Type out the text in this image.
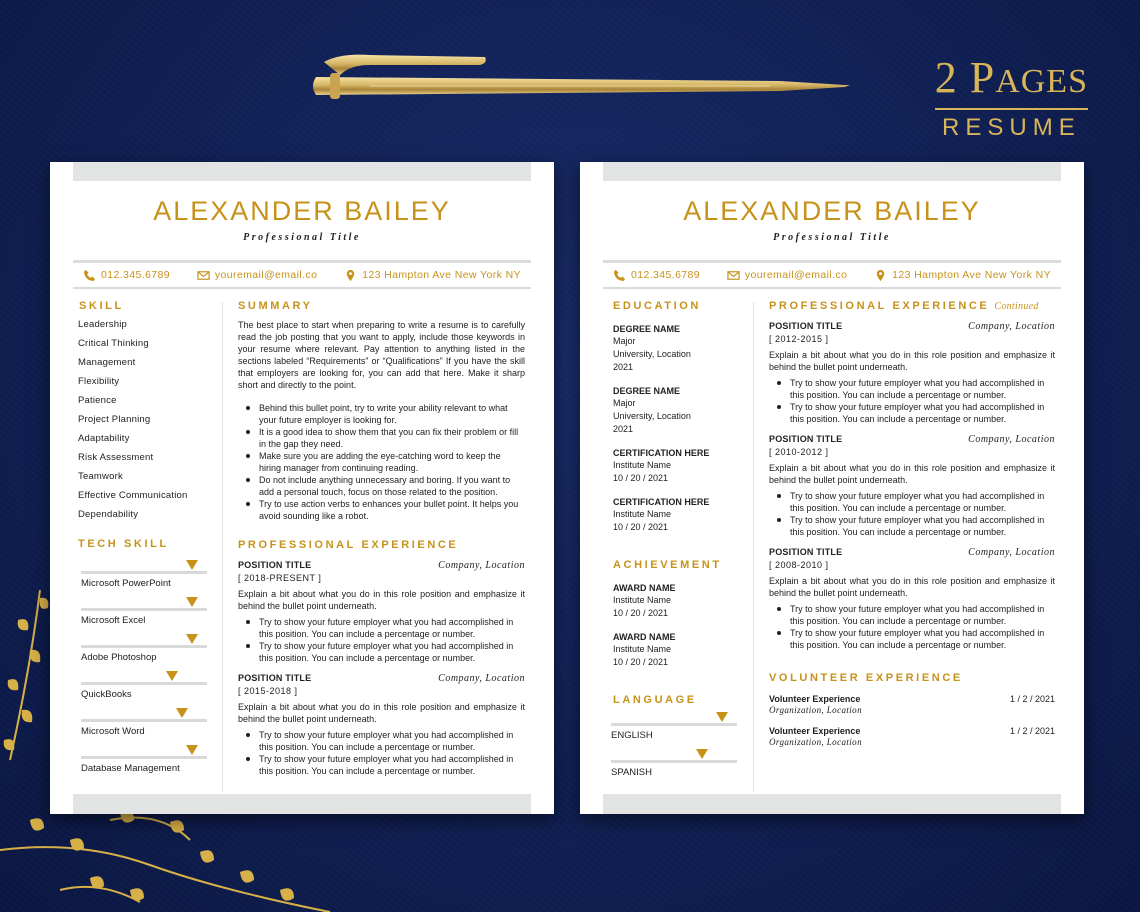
2 PAGES
RESUME
ALEXANDER BAILEY
Professional Title
012.345.6789	youremail@email.co	123 Hampton Ave New York NY
SKILL
Leadership
Critical Thinking
Management
Flexibility
Patience
Project Planning
Adaptability
Risk Assessment
Teamwork
Effective Communication
Dependability
TECH SKILL
Microsoft PowerPoint
Microsoft Excel
Adobe Photoshop
QuickBooks
Microsoft Word
Database Management
SUMMARY
The best place to start when preparing to write a resume is to carefully read the job posting that you want to apply, include those keywords in your resume where relevant. Pay attention to anything listed in the sections labeled “Requirements” or “Qualifications” If you have the skill that employers are looking for, you can add that here. Make it sharp short and directly to the point.
Behind this bullet point, try to write your ability relevant to what your future employer is looking for.
It is a good idea to show them that you can fix their problem or fill in the gap they need.
Make sure you are adding the eye-catching word to keep the hiring manager from continuing reading.
Do not include anything unnecessary and boring. If you want to add a personal touch, focus on those related to the position.
Try to use action verbs to enhances your bullet point. It helps you avoid sounding like a robot.
PROFESSIONAL EXPERIENCE
POSITION TITLE	Company, Location
[ 2018-PRESENT ]
Explain a bit about what you do in this role position and emphasize it behind the bullet point underneath.
Try to show your future employer what you had accomplished in this position. You can include a percentage or number.
Try to show your future employer what you had accomplished in this position. You can include a percentage or number.
POSITION TITLE	Company, Location
[ 2015-2018 ]
Explain a bit about what you do in this role position and emphasize it behind the bullet point underneath.
Try to show your future employer what you had accomplished in this position. You can include a percentage or number.
Try to show your future employer what you had accomplished in this position. You can include a percentage or number.
ALEXANDER BAILEY
Professional Title
012.345.6789	youremail@email.co	123 Hampton Ave New York NY
EDUCATION
DEGREE NAME
Major
University, Location
2021
DEGREE NAME
Major
University, Location
2021
CERTIFICATION HERE
Institute Name
10 / 20 / 2021
CERTIFICATION HERE
Institute Name
10 / 20 / 2021
ACHIEVEMENT
AWARD NAME
Institute Name
10 / 20 / 2021
AWARD NAME
Institute Name
10 / 20 / 2021
LANGUAGE
ENGLISH
SPANISH
PROFESSIONAL EXPERIENCE Continued
POSITION TITLE	Company, Location
[ 2012-2015 ]
Explain a bit about what you do in this role position and emphasize it behind the bullet point underneath.
Try to show your future employer what you had accomplished in this position. You can include a percentage or number.
Try to show your future employer what you had accomplished in this position. You can include a percentage or number.
POSITION TITLE	Company, Location
[ 2010-2012 ]
Explain a bit about what you do in this role position and emphasize it behind the bullet point underneath.
Try to show your future employer what you had accomplished in this position. You can include a percentage or number.
Try to show your future employer what you had accomplished in this position. You can include a percentage or number.
POSITION TITLE	Company, Location
[ 2008-2010 ]
Explain a bit about what you do in this role position and emphasize it behind the bullet point underneath.
Try to show your future employer what you had accomplished in this position. You can include a percentage or number.
Try to show your future employer what you had accomplished in this position. You can include a percentage or number.
VOLUNTEER EXPERIENCE
Volunteer Experience	1 / 2 / 2021
Organization, Location
Volunteer Experience	1 / 2 / 2021
Organization, Location
